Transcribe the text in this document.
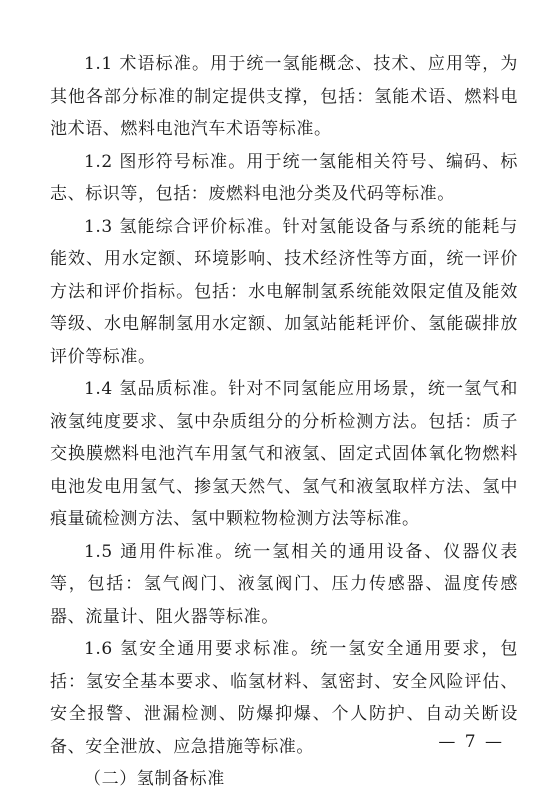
1.1 术语标准。用于统一氢能概念、技术、应用等，为其他各部分标准的制定提供支撑，包括：氢能术语、燃料电池术语、燃料电池汽车术语等标准。

1.2 图形符号标准。用于统一氢能相关符号、编码、标志、标识等，包括：废燃料电池分类及代码等标准。

1.3 氢能综合评价标准。针对氢能设备与系统的能耗与能效、用水定额、环境影响、技术经济性等方面，统一评价方法和评价指标。包括：水电解制氢系统能效限定值及能效等级、水电解制氢用水定额、加氢站能耗评价、氢能碳排放评价等标准。

1.4 氢品质标准。针对不同氢能应用场景，统一氢气和液氢纯度要求、氢中杂质组分的分析检测方法。包括：质子交换膜燃料电池汽车用氢气和液氢、固定式固体氧化物燃料电池发电用氢气、掺氢天然气、氢气和液氢取样方法、氢中痕量硫检测方法、氢中颗粒物检测方法等标准。

1.5 通用件标准。统一氢相关的通用设备、仪器仪表等，包括：氢气阀门、液氢阀门、压力传感器、温度传感器、流量计、阻火器等标准。

1.6 氢安全通用要求标准。统一氢安全通用要求，包括：氢安全基本要求、临氢材料、氢密封、安全风险评估、安全报警、泄漏检测、防爆抑爆、个人防护、自动关断设备、安全泄放、应急措施等标准。

（二）氢制备标准

— 7 —
